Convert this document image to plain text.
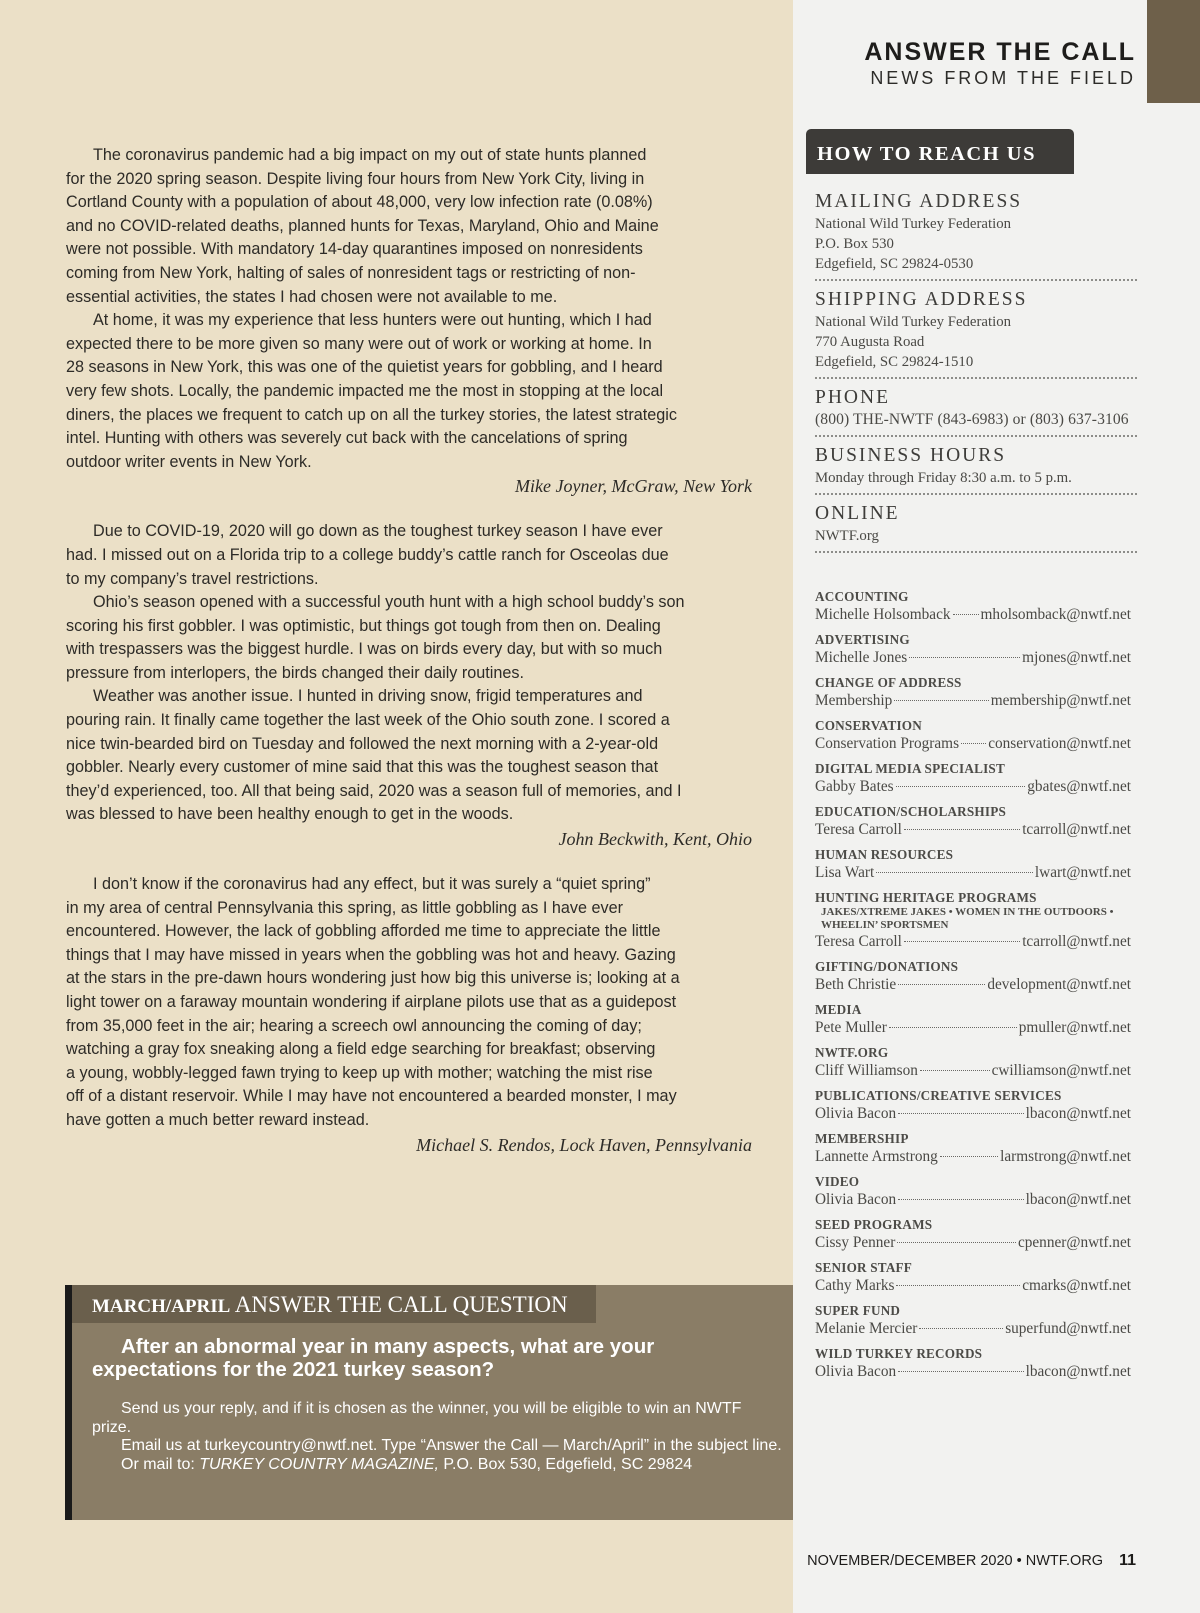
ANSWER THE CALL
NEWS FROM THE FIELD

The coronavirus pandemic had a big impact on my out of state hunts planned
for the 2020 spring season. Despite living four hours from New York City, living in
Cortland County with a population of about 48,000, very low infection rate (0.08%)
and no COVID-related deaths, planned hunts for Texas, Maryland, Ohio and Maine
were not possible. With mandatory 14-day quarantines imposed on nonresidents
coming from New York, halting of sales of nonresident tags or restricting of non-
essential activities, the states I had chosen were not available to me.

At home, it was my experience that less hunters were out hunting, which I had
expected there to be more given so many were out of work or working at home. In
28 seasons in New York, this was one of the quietist years for gobbling, and I heard
very few shots. Locally, the pandemic impacted me the most in stopping at the local
diners, the places we frequent to catch up on all the turkey stories, the latest strategic
intel. Hunting with others was severely cut back with the cancelations of spring
outdoor writer events in New York.

Mike Joyner, McGraw, New York

Due to COVID-19, 2020 will go down as the toughest turkey season I have ever
had. I missed out on a Florida trip to a college buddy’s cattle ranch for Osceolas due
to my company’s travel restrictions.

Ohio’s season opened with a successful youth hunt with a high school buddy’s son
scoring his first gobbler. I was optimistic, but things got tough from then on. Dealing
with trespassers was the biggest hurdle. I was on birds every day, but with so much
pressure from interlopers, the birds changed their daily routines.

Weather was another issue. I hunted in driving snow, frigid temperatures and
pouring rain. It finally came together the last week of the Ohio south zone. I scored a
nice twin-bearded bird on Tuesday and followed the next morning with a 2-year-old
gobbler. Nearly every customer of mine said that this was the toughest season that
they’d experienced, too. All that being said, 2020 was a season full of memories, and I
was blessed to have been healthy enough to get in the woods.

John Beckwith, Kent, Ohio

I don’t know if the coronavirus had any effect, but it was surely a “quiet spring”
in my area of central Pennsylvania this spring, as little gobbling as I have ever
encountered. However, the lack of gobbling afforded me time to appreciate the little
things that I may have missed in years when the gobbling was hot and heavy. Gazing
at the stars in the pre-dawn hours wondering just how big this universe is; looking at a
light tower on a faraway mountain wondering if airplane pilots use that as a guidepost
from 35,000 feet in the air; hearing a screech owl announcing the coming of day;
watching a gray fox sneaking along a field edge searching for breakfast; observing
a young, wobbly-legged fawn trying to keep up with mother; watching the mist rise
off of a distant reservoir. While I may have not encountered a bearded monster, I may
have gotten a much better reward instead.

Michael S. Rendos, Lock Haven, Pennsylvania
MARCH/APRIL ANSWER THE CALL QUESTION
After an abnormal year in many aspects, what are your expectations for the 2021 turkey season?

Send us your reply, and if it is chosen as the winner, you will be eligible to win an NWTF prize.

Email us at turkeycountry@nwtf.net. Type “Answer the Call — March/April” in the subject line.

Or mail to: TURKEY COUNTRY MAGAZINE, P.O. Box 530, Edgefield, SC 29824

HOW TO REACH US
MAILING ADDRESS
National Wild Turkey Federation
P.O. Box 530
Edgefield, SC 29824-0530
SHIPPING ADDRESS
National Wild Turkey Federation
770 Augusta Road
Edgefield, SC 29824-1510
PHONE
(800) THE-NWTF (843-6983) or (803) 637-3106
BUSINESS HOURS
Monday through Friday 8:30 a.m. to 5 p.m.
ONLINE
NWTF.org
ACCOUNTING
Michelle Holsomback mholsomback@nwtf.net
ADVERTISING
Michelle Jones	mjones@nwtf.net
CHANGE OF ADDRESS
Membership	membership@nwtf.net
CONSERVATION
Conservation Programs conservation@nwtf.net
DIGITAL MEDIA SPECIALIST
Gabby Bates	gbates@nwtf.net
EDUCATION/SCHOLARSHIPS
Teresa Carroll	tcarroll@nwtf.net
HUMAN RESOURCES
Lisa Wart	lwart@nwtf.net
HUNTING HERITAGE PROGRAMS
JAKES/XTREME JAKES • WOMEN IN THE OUTDOORS •
WHEELIN’ SPORTSMEN
Teresa Carroll	tcarroll@nwtf.net
GIFTING/DONATIONS
Beth Christie	development@nwtf.net
MEDIA
Pete Muller	pmuller@nwtf.net
NWTF.ORG
Cliff Williamson	cwilliamson@nwtf.net
PUBLICATIONS/CREATIVE SERVICES
Olivia Bacon	lbacon@nwtf.net
MEMBERSHIP
Lannette Armstrong	larmstrong@nwtf.net
VIDEO
Olivia Bacon	lbacon@nwtf.net
SEED PROGRAMS
Cissy Penner	cpenner@nwtf.net
SENIOR STAFF
Cathy Marks	cmarks@nwtf.net
SUPER FUND
Melanie Mercier	superfund@nwtf.net
WILD TURKEY RECORDS
Olivia Bacon	lbacon@nwtf.net
NOVEMBER/DECEMBER 2020 • NWTF.ORG 11
